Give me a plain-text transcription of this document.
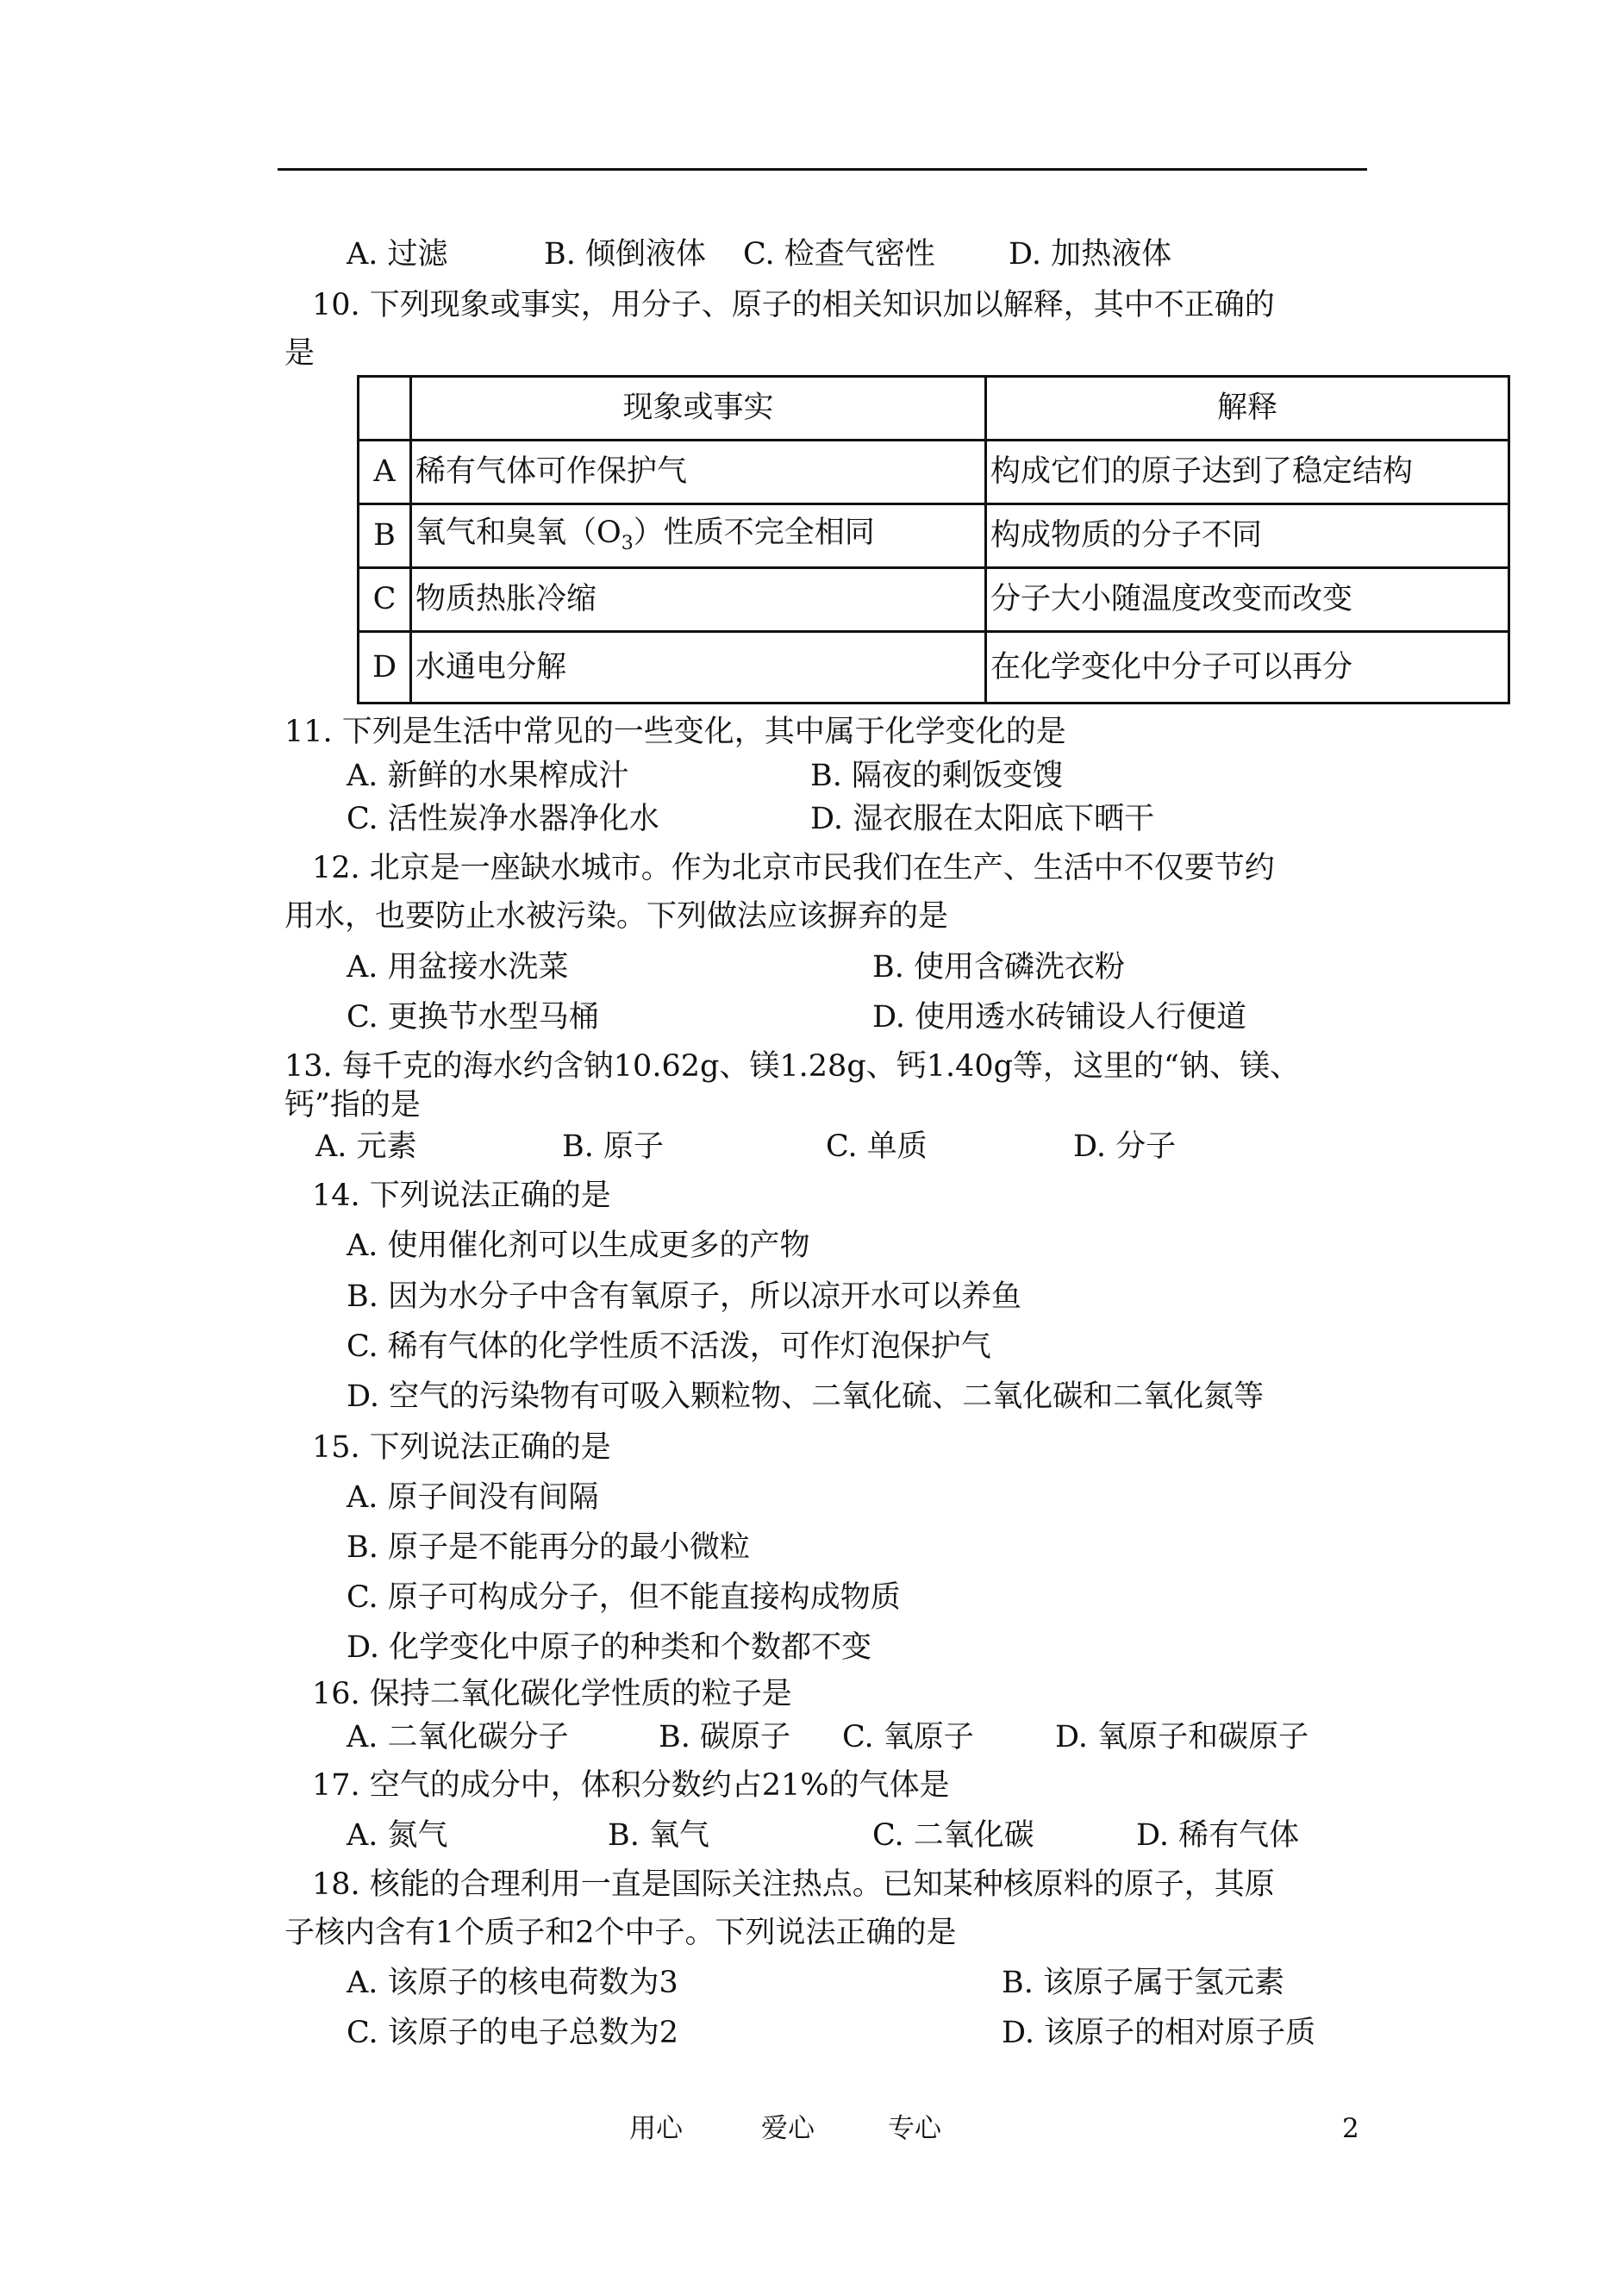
A. 过滤	B. 倾倒液体 C. 检查气密性 D. 加热液体
10. 下列现象或事实，用分子、原子的相关知识加以解释，其中不正确的
是
	现象或事实	解释
A	稀有气体可作保护气	构成它们的原子达到了稳定结构
B	氧气和臭氧$(O_3)$性质不完全相同	构成物质的分子不同
C	物质热胀冷缩	分子大小随温度改变而改变
D	水通电分解	在化学变化中分子可以再分
11. 下列是生活中常见的一些变化，其中属于化学变化的是
A. 新鲜的水果榨成汁	B. 隔夜的剩饭变馊
C. 活性炭净水器净化水	D. 湿衣服在太阳底下晒干
12. 北京是一座缺水城市。作为北京市民我们在生产、生活中不仅要节约
用水，也要防止水被污染。下列做法应该摒弃的是
A. 用盆接水洗菜	B. 使用含磷洗衣粉
C. 更换节水型马桶	D. 使用透水砖铺设人行便道
13. 每千克的海水约含钠10.62g、镁1.28g、钙1.40g等，这里的“钠、镁、
钙”指的是
A. 元素	B. 原子	C. 单质	D. 分子
14. 下列说法正确的是
A. 使用催化剂可以生成更多的产物
B. 因为水分子中含有氧原子，所以凉开水可以养鱼
C. 稀有气体的化学性质不活泼，可作灯泡保护气
D. 空气的污染物有可吸入颗粒物、二氧化硫、二氧化碳和二氧化氮等
15. 下列说法正确的是
A. 原子间没有间隔
B. 原子是不能再分的最小微粒
C. 原子可构成分子，但不能直接构成物质
D. 化学变化中原子的种类和个数都不变
16. 保持二氧化碳化学性质的粒子是
A. 二氧化碳分子	B. 碳原子 C. 氧原子	D. 氧原子和碳原子
17. 空气的成分中，体积分数约占21%的气体是
A. 氮气	B. 氧气	C. 二氧化碳	D. 稀有气体
18. 核能的合理利用一直是国际关注热点。已知某种核原料的原子，其原
子核内含有1个质子和2个中子。下列说法正确的是
A. 该原子的核电荷数为3	B. 该原子属于氢元素
C. 该原子的电子总数为2	D. 该原子的相对原子质
用心	爱心	专心	2
